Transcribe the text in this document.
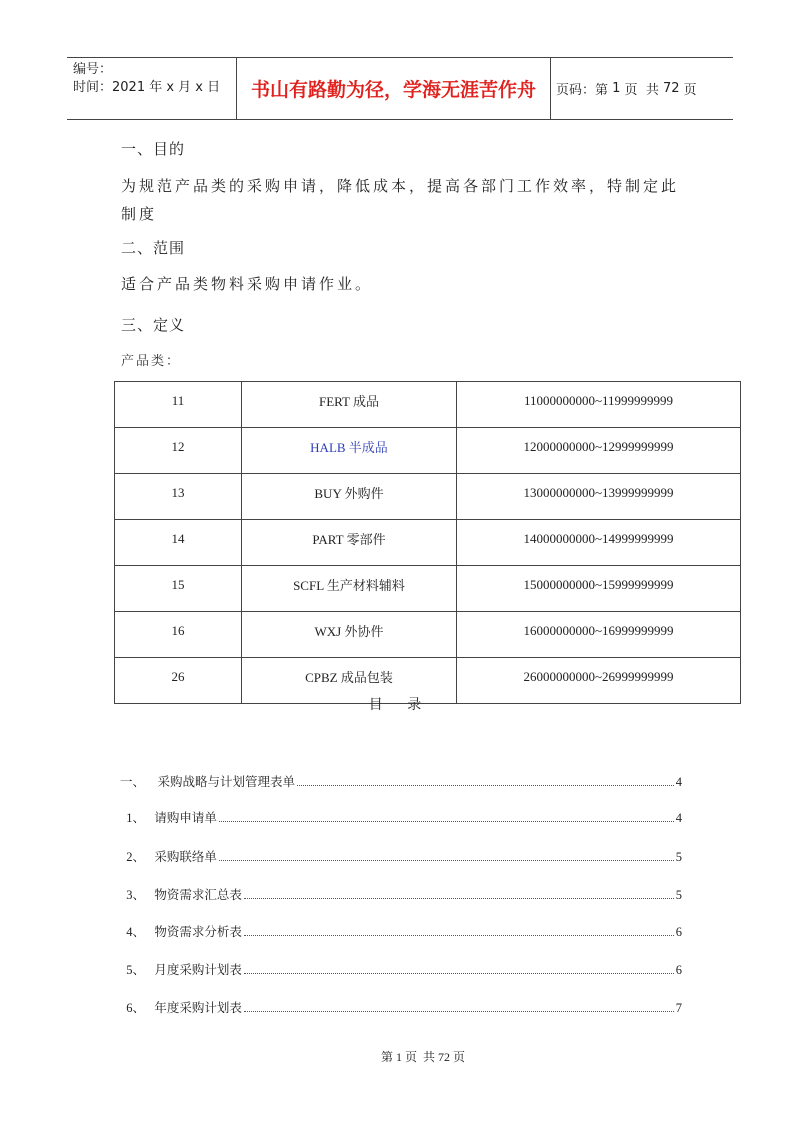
编号：
时间：2021 年 x 月 x 日	书山有路勤为径，学海无涯苦作舟	页码：第 1 页  共 72 页
一、目的
为规范产品类的采购申请，降低成本，提高各部门工作效率，特制定此制度
二、范围
适合产品类物料采购申请作业。
三、定义
产品类：
11	FERT 成品	11000000000~11999999999
12	HALB 半成品	12000000000~12999999999
13	BUY 外购件	13000000000~13999999999
14	PART 零部件	14000000000~14999999999
15	SCFL 生产材料辅料	15000000000~15999999999
16	WXJ 外协件	16000000000~16999999999
26	CPBZ 成品包装	26000000000~26999999999
目 录
一、 采购战略与计划管理表单	4
1、 请购申请单	4
2、 采购联络单	5
3、 物资需求汇总表	5
4、 物资需求分析表	6
5、 月度采购计划表	6
6、 年度采购计划表	7
第 1 页  共 72 页
